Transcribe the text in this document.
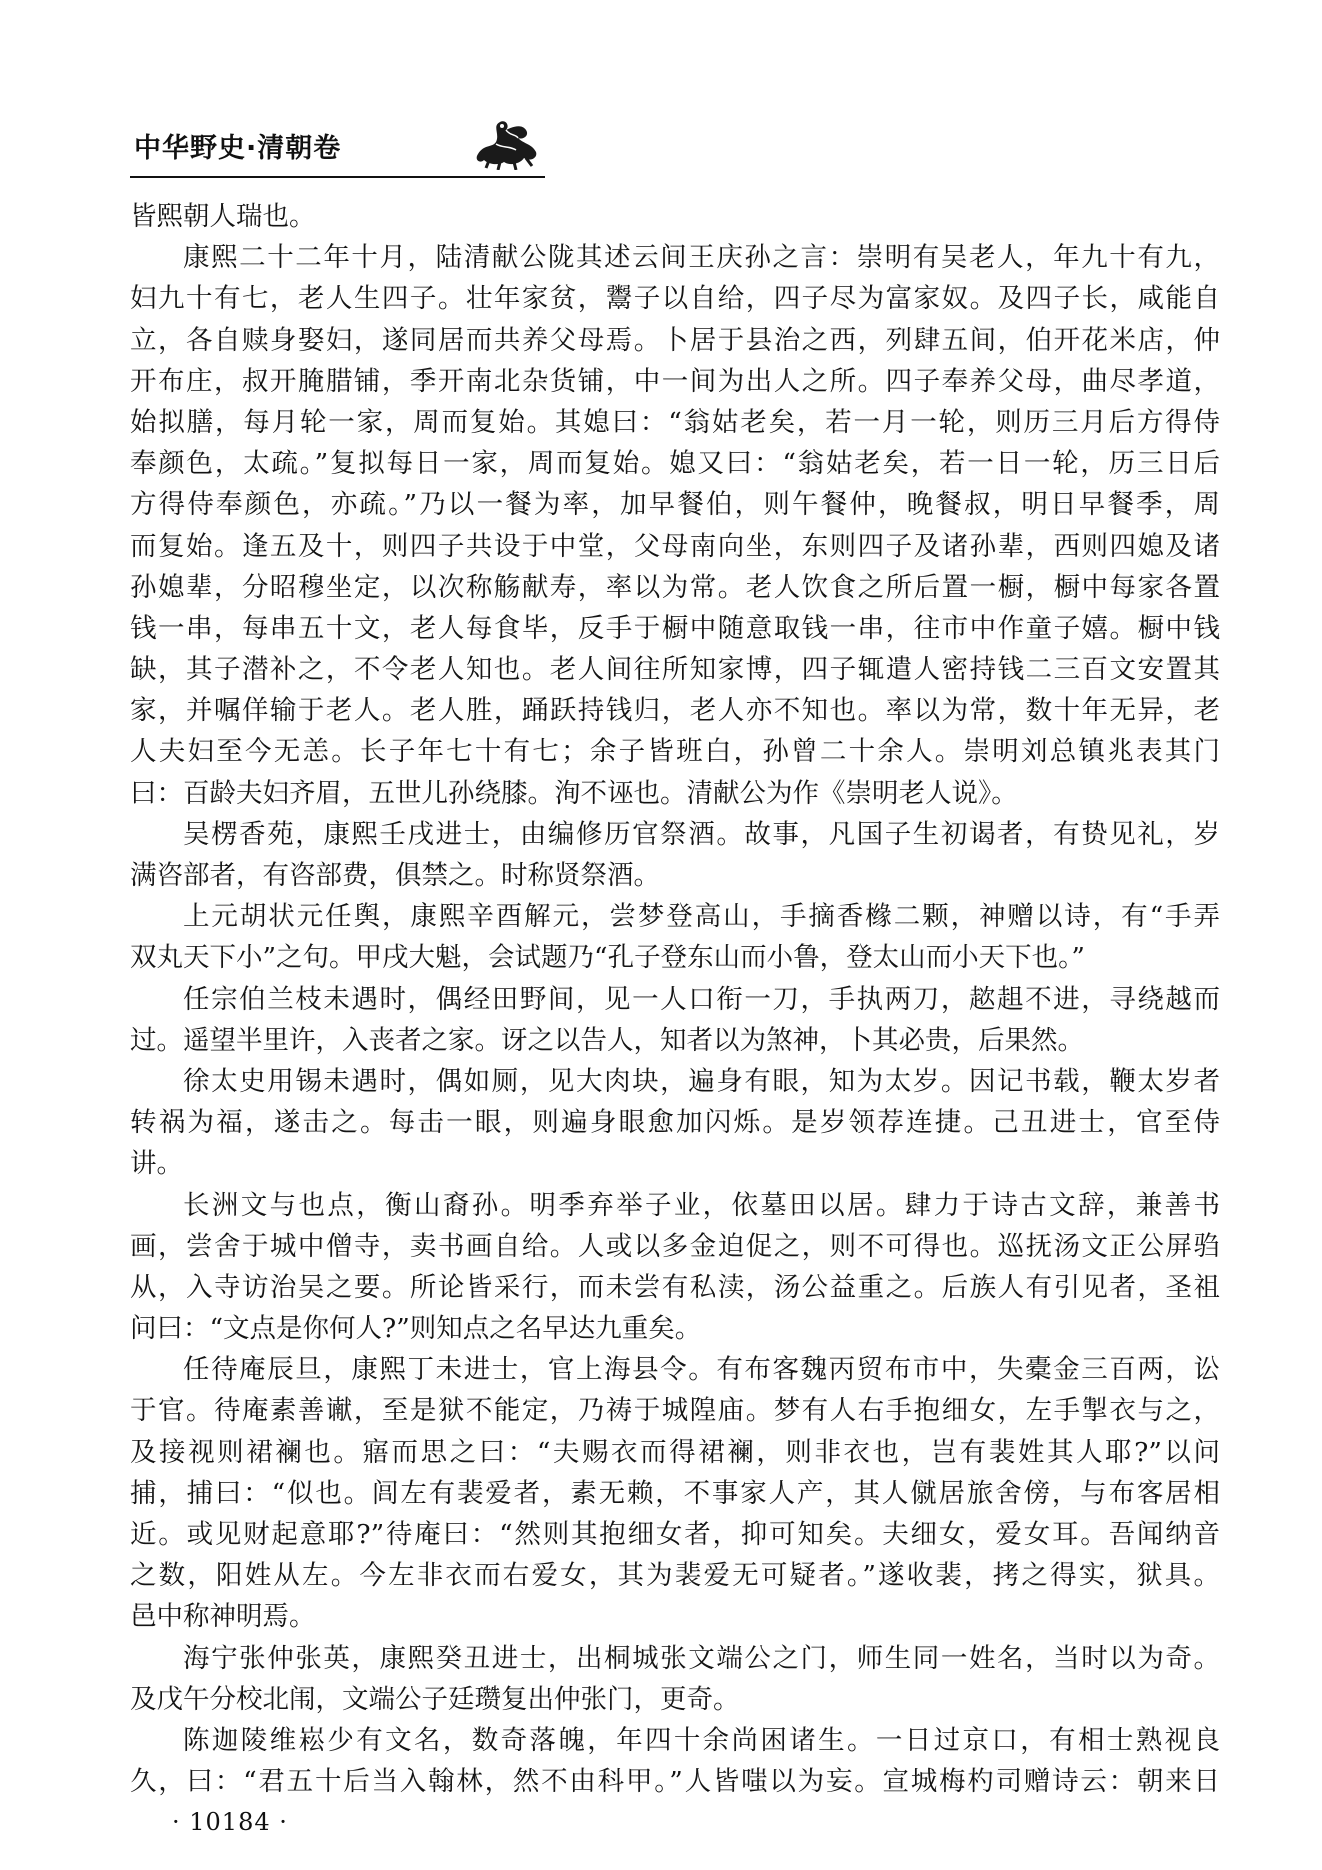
中华野史·清朝卷
皆熙朝人瑞也。
康熙二十二年十月，陆清献公陇其述云间王庆孙之言：崇明有吴老人，年九十有九，
妇九十有七，老人生四子。壮年家贫，鬻子以自给，四子尽为富家奴。及四子长，咸能自
立，各自赎身娶妇，遂同居而共养父母焉。卜居于县治之西，列肆五间，伯开花米店，仲
开布庄，叔开腌腊铺，季开南北杂货铺，中一间为出人之所。四子奉养父母，曲尽孝道，
始拟膳，每月轮一家，周而复始。其媳曰：“翁姑老矣，若一月一轮，则历三月后方得侍
奉颜色，太疏。”复拟每日一家，周而复始。媳又曰：“翁姑老矣，若一日一轮，历三日后
方得侍奉颜色，亦疏。”乃以一餐为率，加早餐伯，则午餐仲，晚餐叔，明日早餐季，周
而复始。逢五及十，则四子共设于中堂，父母南向坐，东则四子及诸孙辈，西则四媳及诸
孙媳辈，分昭穆坐定，以次称觞献寿，率以为常。老人饮食之所后置一橱，橱中每家各置
钱一串，每串五十文，老人每食毕，反手于橱中随意取钱一串，往市中作童子嬉。橱中钱
缺，其子潜补之，不令老人知也。老人间往所知家博，四子辄遣人密持钱二三百文安置其
家，并嘱佯输于老人。老人胜，踊跃持钱归，老人亦不知也。率以为常，数十年无异，老
人夫妇至今无恙。长子年七十有七；余子皆班白，孙曾二十余人。崇明刘总镇兆表其门
曰：百龄夫妇齐眉，五世儿孙绕膝。洵不诬也。清献公为作《崇明老人说》。
吴楞香苑，康熙壬戌进士，由编修历官祭酒。故事，凡国子生初谒者，有贽见礼，岁
满咨部者，有咨部费，俱禁之。时称贤祭酒。
上元胡状元任舆，康熙辛酉解元，尝梦登高山，手摘香橼二颗，神赠以诗，有“手弄
双丸天下小”之句。甲戌大魁，会试题乃“孔子登东山而小鲁，登太山而小天下也。”
任宗伯兰枝未遇时，偶经田野间，见一人口衔一刀，手执两刀，趑趄不进，寻绕越而
过。遥望半里许，入丧者之家。讶之以告人，知者以为煞神，卜其必贵，后果然。
徐太史用锡未遇时，偶如厕，见大肉块，遍身有眼，知为太岁。因记书载，鞭太岁者
转祸为福，遂击之。每击一眼，则遍身眼愈加闪烁。是岁领荐连捷。己丑进士，官至侍
讲。
长洲文与也点，衡山裔孙。明季弃举子业，依墓田以居。肆力于诗古文辞，兼善书
画，尝舍于城中僧寺，卖书画自给。人或以多金迫促之，则不可得也。巡抚汤文正公屏驺
从，入寺访治吴之要。所论皆采行，而未尝有私渎，汤公益重之。后族人有引见者，圣祖
问曰：“文点是你何人?”则知点之名早达九重矣。
任待庵辰旦，康熙丁未进士，官上海县令。有布客魏丙贸布市中，失橐金三百两，讼
于官。待庵素善谳，至是狱不能定，乃祷于城隍庙。梦有人右手抱细女，左手掣衣与之，
及接视则裙襕也。寤而思之曰：“夫赐衣而得裙襕，则非衣也，岂有裴姓其人耶?”以问
捕，捕曰：“似也。闾左有裴爱者，素无赖，不事家人产，其人僦居旅舍傍，与布客居相
近。或见财起意耶?”待庵曰：“然则其抱细女者，抑可知矣。夫细女，爱女耳。吾闻纳音
之数，阳姓从左。今左非衣而右爱女，其为裴爱无可疑者。”遂收裴，拷之得实，狱具。
邑中称神明焉。
海宁张仲张英，康熙癸丑进士，出桐城张文端公之门，师生同一姓名，当时以为奇。
及戊午分校北闱，文端公子廷瓒复出仲张门，更奇。
陈迦陵维崧少有文名，数奇落魄，年四十余尚困诸生。一日过京口，有相士熟视良
久，曰：“君五十后当入翰林，然不由科甲。”人皆嗤以为妄。宣城梅杓司赠诗云：朝来日
· 10184 ·
